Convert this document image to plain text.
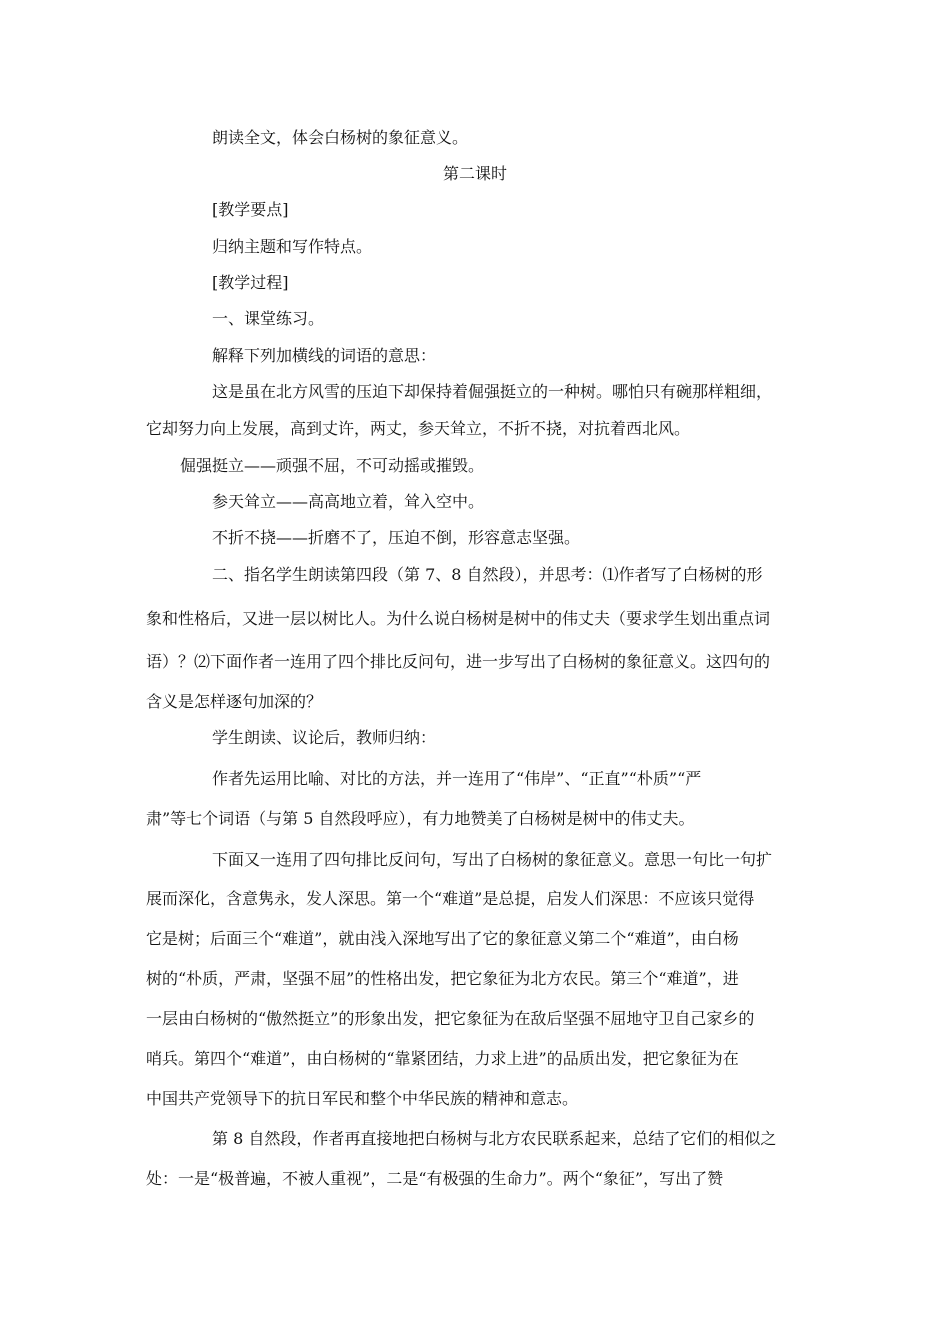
朗读全文，体会白杨树的象征意义。
第二课时
[教学要点]
归纳主题和写作特点。
[教学过程]
一、课堂练习。
解释下列加横线的词语的意思：
这是虽在北方风雪的压迫下却保持着倔强挺立的一种树。哪怕只有碗那样粗细，
它却努力向上发展，高到丈许，两丈，参天耸立，不折不挠，对抗着西北风。
倔强挺立——顽强不屈，不可动摇或摧毁。
参天耸立——高高地立着，耸入空中。
不折不挠——折磨不了，压迫不倒，形容意志坚强。
二、指名学生朗读第四段（第 7、8 自然段），并思考：⑴作者写了白杨树的形
象和性格后，又进一层以树比人。为什么说白杨树是树中的伟丈夫（要求学生划出重点词
语）？⑵下面作者一连用了四个排比反问句，进一步写出了白杨树的象征意义。这四句的
含义是怎样逐句加深的？
学生朗读、议论后，教师归纳：
作者先运用比喻、对比的方法，并一连用了“伟岸”、“正直”“朴质”“严
肃”等七个词语（与第 5 自然段呼应），有力地赞美了白杨树是树中的伟丈夫。
下面又一连用了四句排比反问句，写出了白杨树的象征意义。意思一句比一句扩
展而深化，含意隽永，发人深思。第一个“难道”是总提，启发人们深思：不应该只觉得
它是树；后面三个“难道”，就由浅入深地写出了它的象征意义第二个“难道”，由白杨
树的“朴质，严肃，坚强不屈”的性格出发，把它象征为北方农民。第三个“难道”，进
一层由白杨树的“傲然挺立”的形象出发，把它象征为在敌后坚强不屈地守卫自己家乡的
哨兵。第四个“难道”，由白杨树的“靠紧团结，力求上进”的品质出发，把它象征为在
中国共产党领导下的抗日军民和整个中华民族的精神和意志。
第 8 自然段，作者再直接地把白杨树与北方农民联系起来，总结了它们的相似之
处：一是“极普遍，不被人重视”，二是“有极强的生命力”。两个“象征”，写出了赞
